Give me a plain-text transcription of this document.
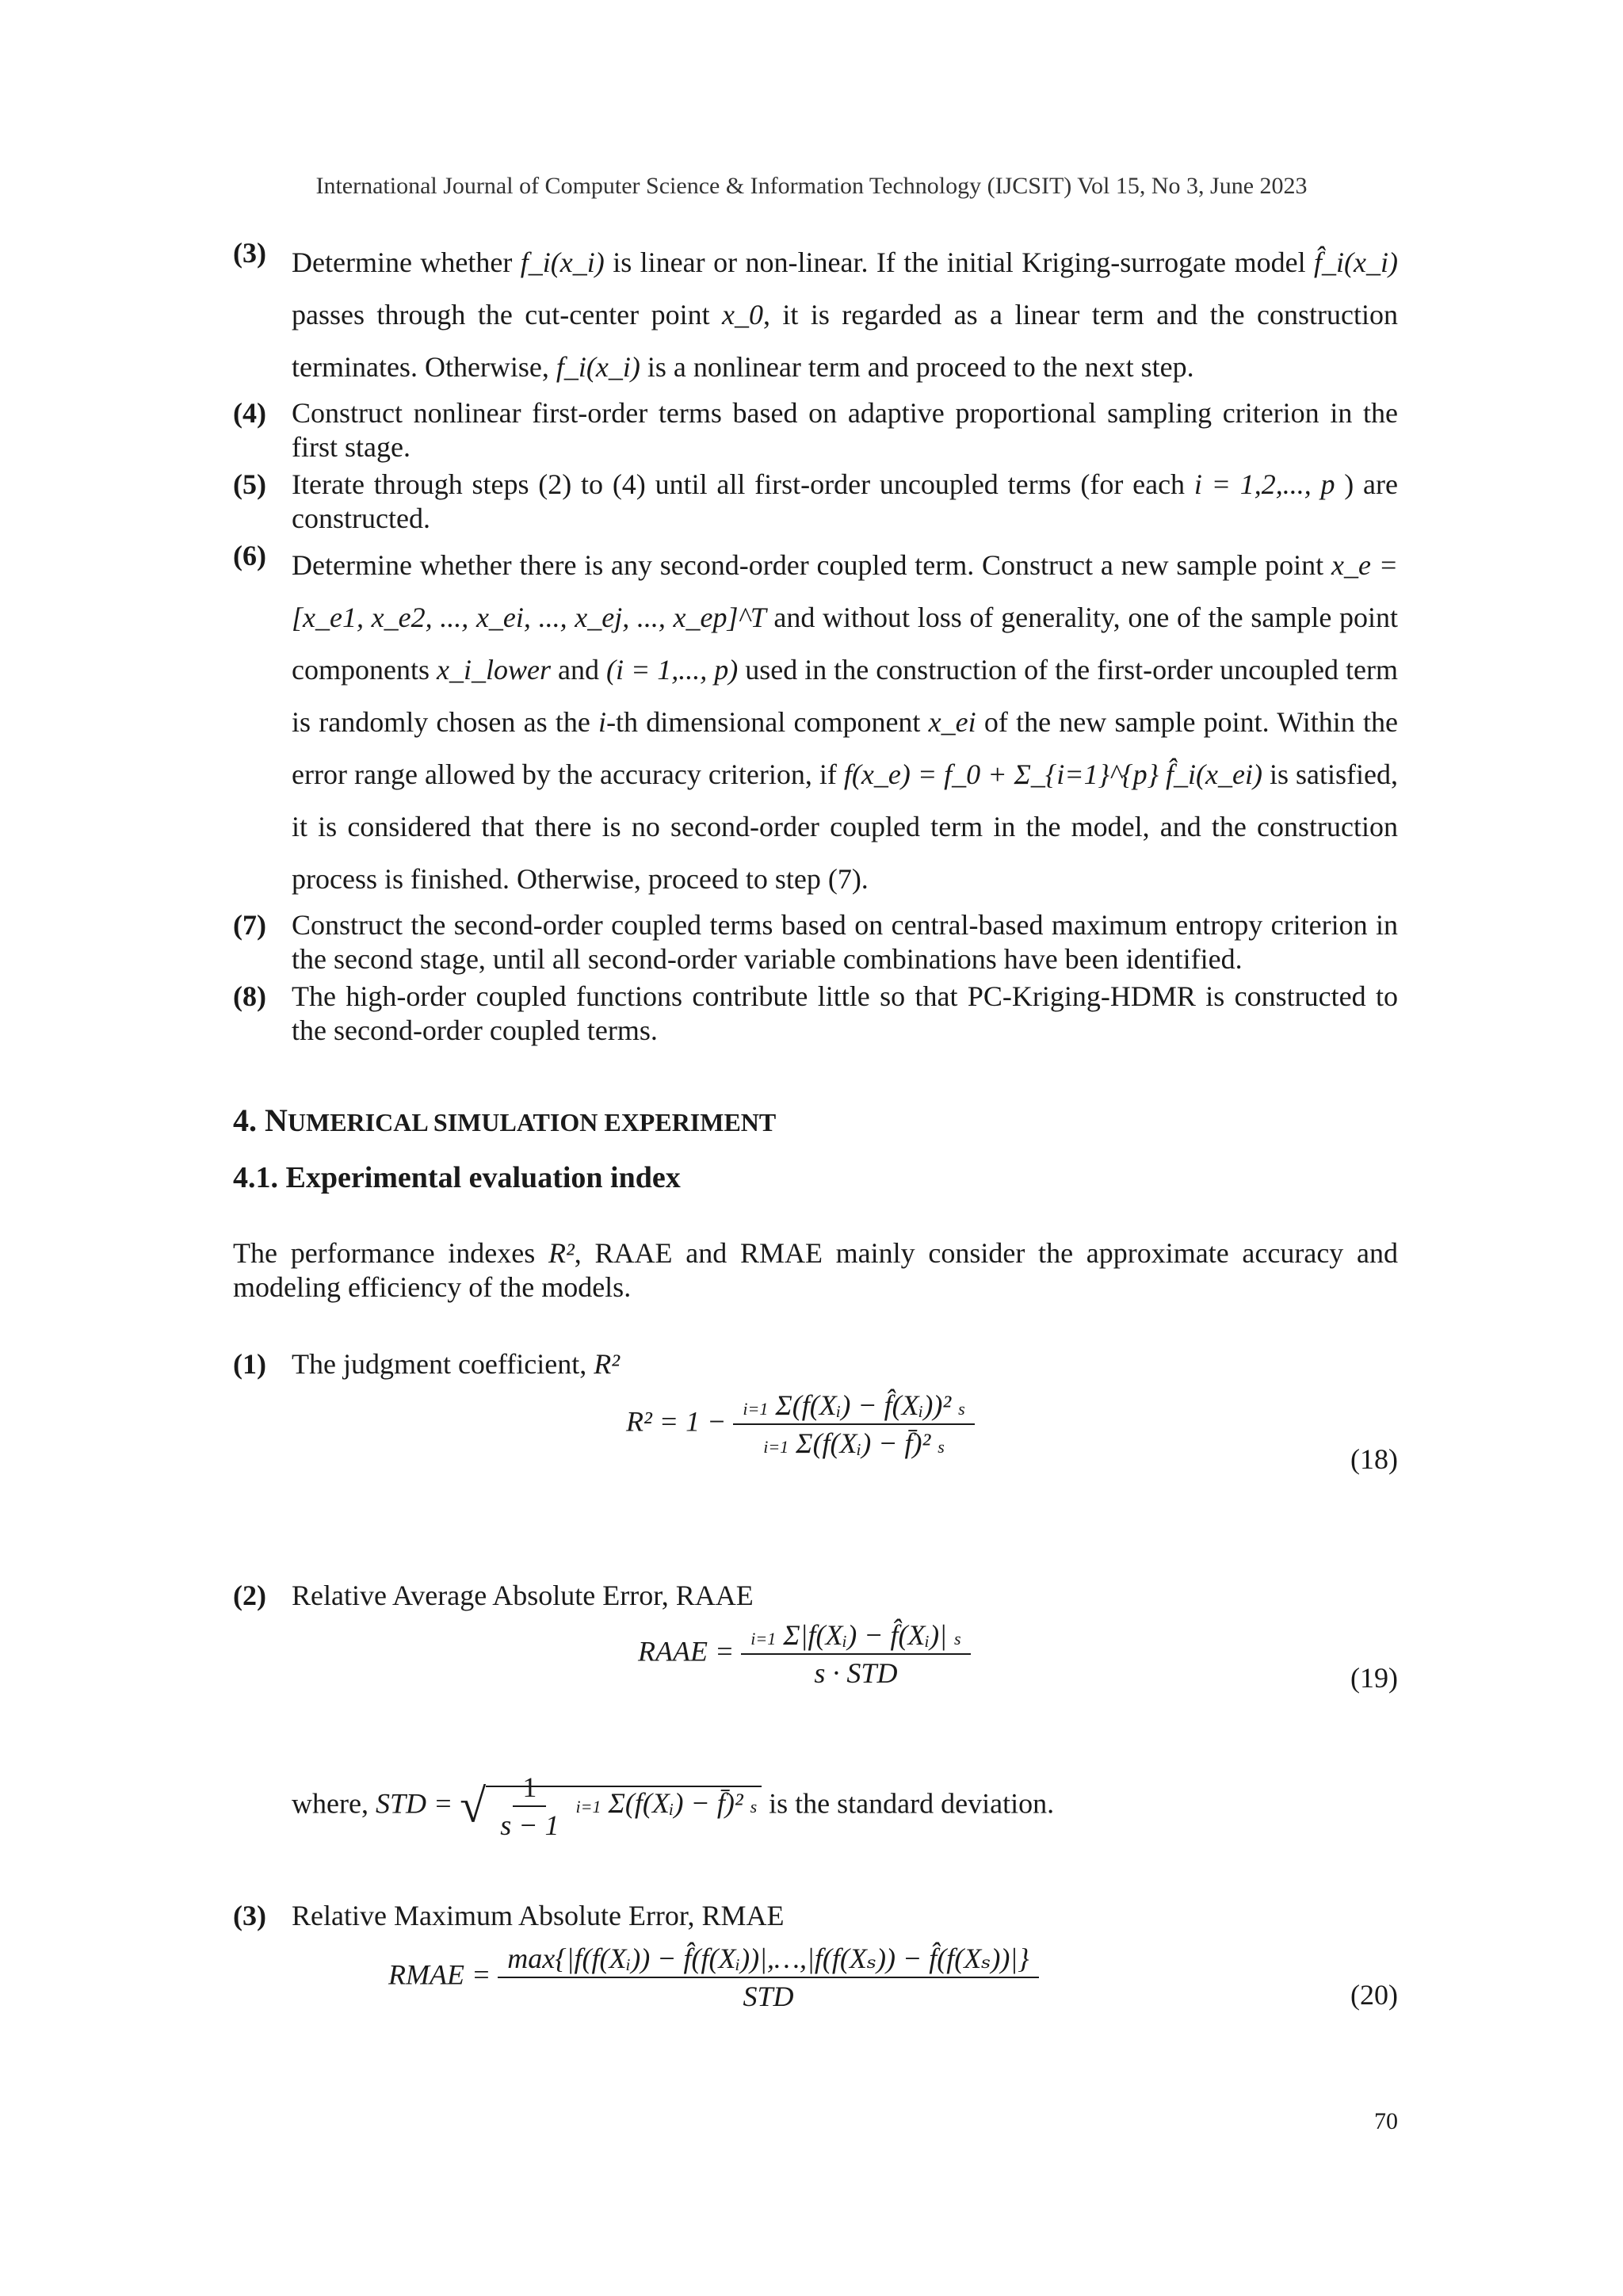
International Journal of Computer Science & Information Technology (IJCSIT) Vol 15, No 3, June 2023
(3) Determine whether f_i(x_i) is linear or non-linear. If the initial Kriging-surrogate model f̂_i(x_i) passes through the cut-center point x_0, it is regarded as a linear term and the construction terminates. Otherwise, f_i(x_i) is a nonlinear term and proceed to the next step.
(4) Construct nonlinear first-order terms based on adaptive proportional sampling criterion in the first stage.
(5) Iterate through steps (2) to (4) until all first-order uncoupled terms (for each i = 1,2,..., p ) are constructed.
(6) Determine whether there is any second-order coupled term. Construct a new sample point x_e = [x_e1, x_e2, ..., x_ei, ..., x_ej, ..., x_ep]^T and without loss of generality, one of the sample point components x_i_lower and (i = 1,..., p) used in the construction of the first-order uncoupled term is randomly chosen as the i-th dimensional component x_ei of the new sample point. Within the error range allowed by the accuracy criterion, if f(x_e) = f_0 + Σ_{i=1}^{p} f̂_i(x_ei) is satisfied, it is considered that there is no second-order coupled term in the model, and the construction process is finished. Otherwise, proceed to step (7).
(7) Construct the second-order coupled terms based on central-based maximum entropy criterion in the second stage, until all second-order variable combinations have been identified.
(8) The high-order coupled functions contribute little so that PC-Kriging-HDMR is constructed to the second-order coupled terms.
4. NUMERICAL SIMULATION EXPERIMENT
4.1. Experimental evaluation index
The performance indexes R², RAAE and RMAE mainly consider the approximate accuracy and modeling efficiency of the models.
(1) The judgment coefficient, R²
$R^2 = 1 - \frac{\text{i=1 Σ(f(Xᵢ) − f̂(Xᵢ))² s}}{\text{i=1 Σ(f(Xᵢ) − f̄)² s}}$	(18)
(2) Relative Average Absolute Error, RAAE
RAAE = $\frac{\text{i=1 Σ|f(Xᵢ) − f̂(Xᵢ)| s}}{\text{s · STD}}$	(19)
where, STD = √ $\frac{1}{s - 1} i=1$ Σ(f(Xᵢ) − f̄)² s is the standard deviation.
(3) Relative Maximum Absolute Error, RMAE
RMAE = $\frac{\text{max\{|f(f(Xᵢ)) − f̂(f(Xᵢ))|,…,|f(f(Xₛ)) − f̂(f(Xₛ))|\}}}{\text{STD}}$	(20)
70
